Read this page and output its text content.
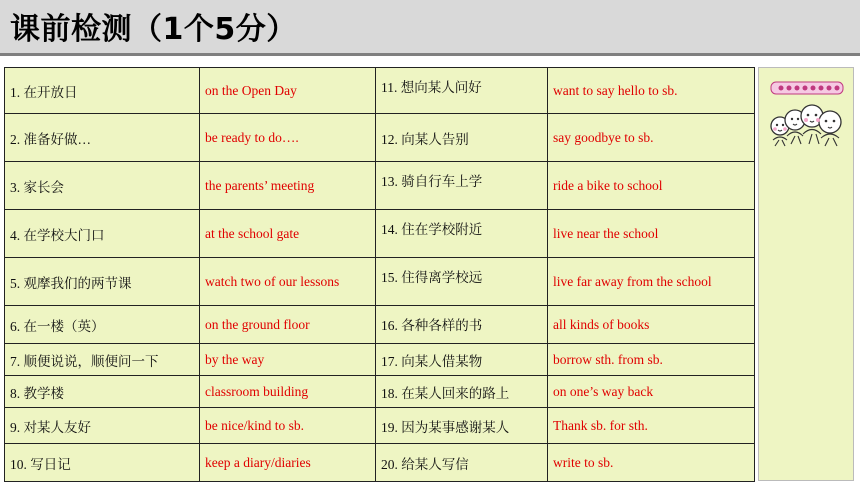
课前检测（1个5分）
1. 在开放日	on the Open Day	11. 想向某人问好	want to say hello to sb.
2. 准备好做…	be ready to do….	12. 向某人告别	say goodbye to sb.
3. 家长会	the parents’ meeting	13. 骑自行车上学	ride a bike to school
4. 在学校大门口	at the school gate	14. 住在学校附近	live near the school
5. 观摩我们的两节课	watch two of our lessons	15. 住得离学校远	live far away from the school
6. 在一楼（英）	on the ground floor	16. 各种各样的书	all kinds of books
7. 顺便说说，顺便问一下	by the way	17. 向某人借某物	borrow sth. from sb.
8. 教学楼	classroom building	18. 在某人回来的路上	on one’s way back
9. 对某人友好	be nice/kind to sb.	19. 因为某事感谢某人	Thank sb. for sth.
10. 写日记	keep a diary/diaries	20. 给某人写信	write to sb.
